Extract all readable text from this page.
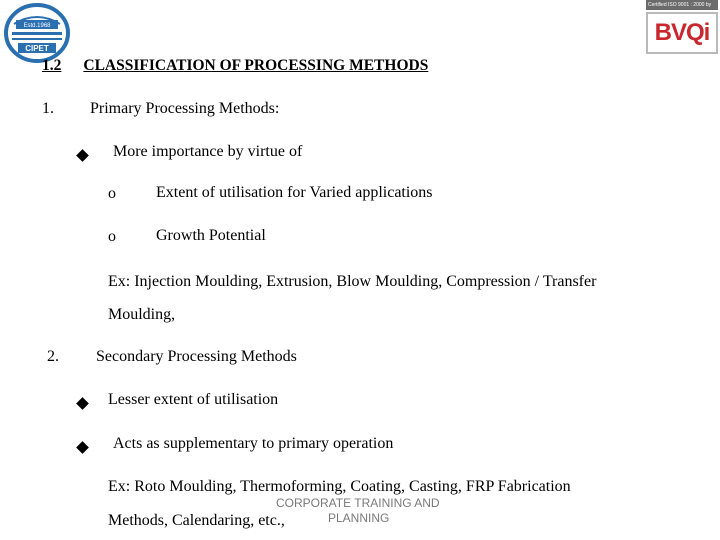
Estd.1968
CIPET
Certified ISO 9001 : 2000 by
BVQi
1.2 CLASSIFICATION OF PROCESSING METHODS
1. Primary Processing Methods:
More importance by virtue of
o	Extent of utilisation for Varied applications
o	Growth Potential
Ex: Injection Moulding, Extrusion, Blow Moulding, Compression / Transfer
Moulding,
2. Secondary Processing Methods
Lesser extent of utilisation
Acts as supplementary to primary operation
Ex: Roto Moulding, Thermoforming, Coating, Casting, FRP Fabrication
Methods, Calendaring, etc.,
CORPORATE TRAINING AND
PLANNING
